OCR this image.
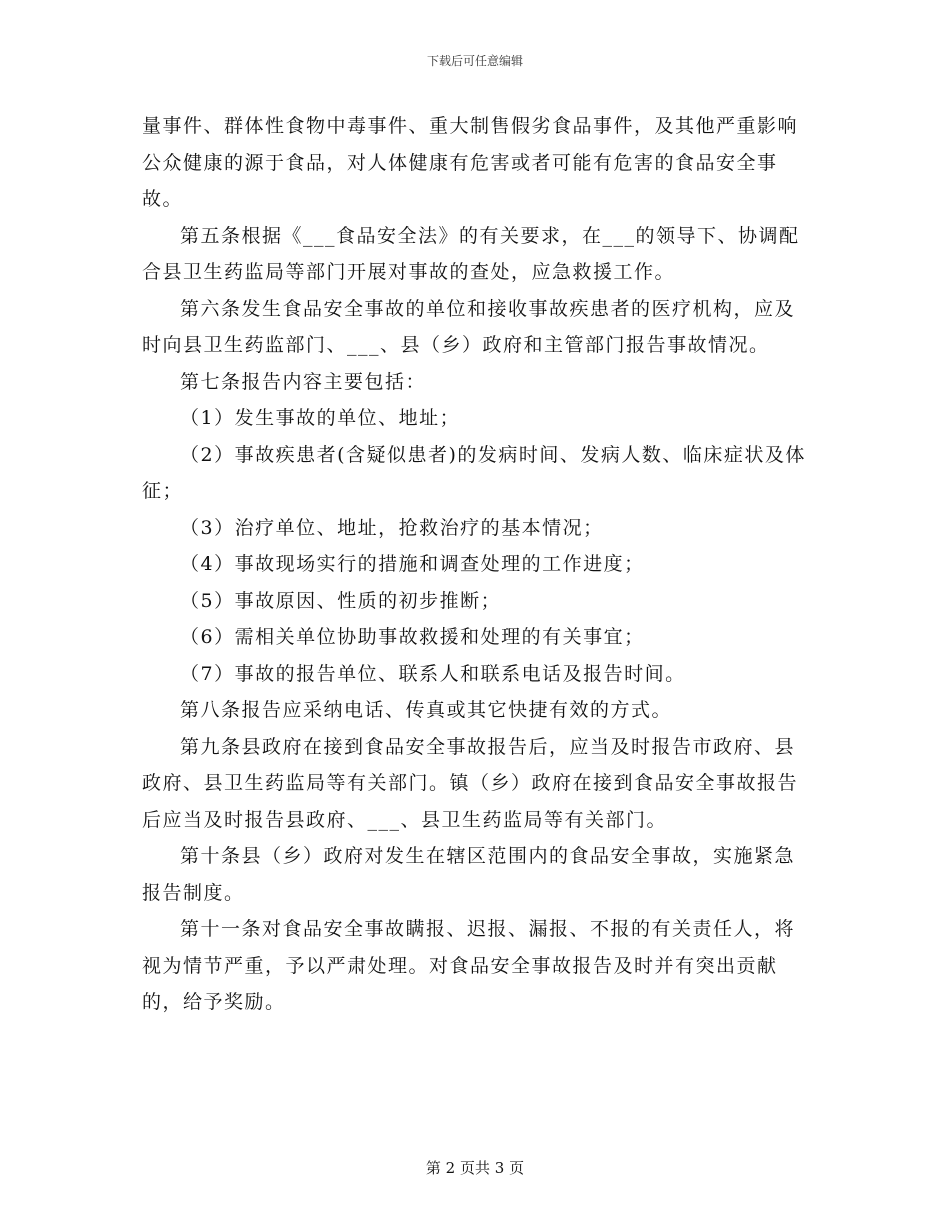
下载后可任意编辑

量事件、群体性食物中毒事件、重大制售假劣食品事件，及其他严重影响公众健康的源于食品，对人体健康有危害或者可能有危害的食品安全事故。

第五条根据《___食品安全法》的有关要求，在___的领导下、协调配合县卫生药监局等部门开展对事故的查处，应急救援工作。

第六条发生食品安全事故的单位和接收事故疾患者的医疗机构，应及时向县卫生药监部门、___、县（乡）政府和主管部门报告事故情况。

第七条报告内容主要包括：

（1）发生事故的单位、地址；

（2）事故疾患者(含疑似患者)的发病时间、发病人数、临床症状及体征；

（3）治疗单位、地址，抢救治疗的基本情况；

（4）事故现场实行的措施和调查处理的工作进度；

（5）事故原因、性质的初步推断；

（6）需相关单位协助事故救援和处理的有关事宜；

（7）事故的报告单位、联系人和联系电话及报告时间。

第八条报告应采纳电话、传真或其它快捷有效的方式。

第九条县政府在接到食品安全事故报告后，应当及时报告市政府、县政府、县卫生药监局等有关部门。镇（乡）政府在接到食品安全事故报告后应当及时报告县政府、___、县卫生药监局等有关部门。

第十条县（乡）政府对发生在辖区范围内的食品安全事故，实施紧急报告制度。

第十一条对食品安全事故瞒报、迟报、漏报、不报的有关责任人，将视为情节严重，予以严肃处理。对食品安全事故报告及时并有突出贡献的，给予奖励。

第 2 页共 3 页
